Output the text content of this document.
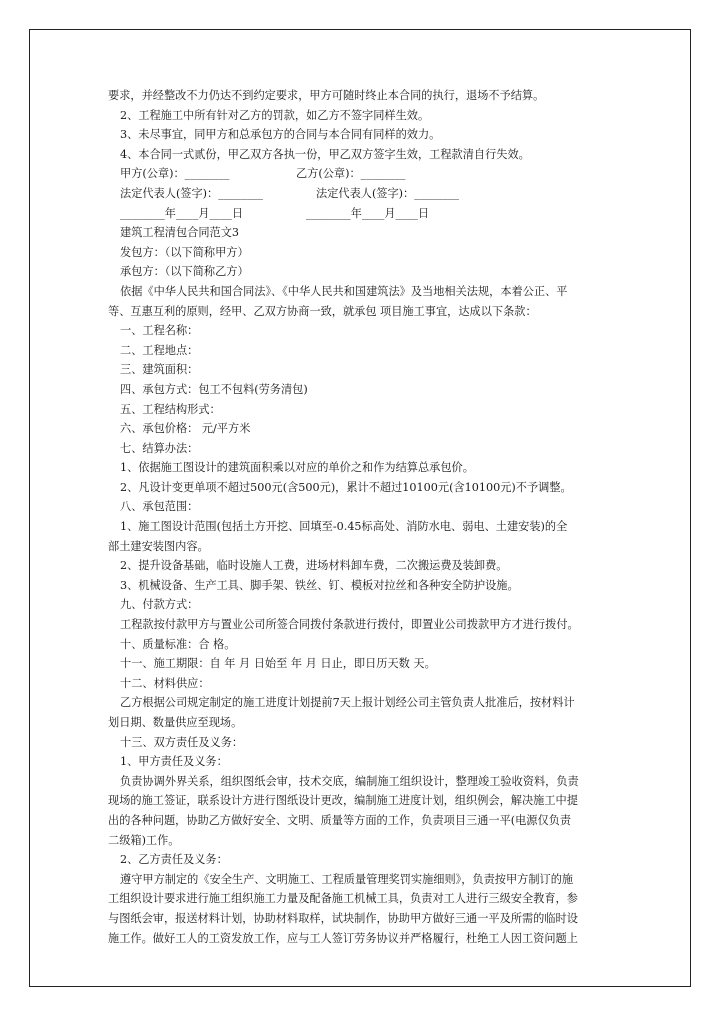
要求，并经整改不力仍达不到约定要求，甲方可随时终止本合同的执行，退场不予结算。
2、工程施工中所有针对乙方的罚款，如乙方不签字同样生效。
3、未尽事宜，同甲方和总承包方的合同与本合同有同样的效力。
4、本合同一式贰份，甲乙双方各执一份，甲乙双方签字生效，工程款清自行失效。
甲方(公章)：________	乙方(公章)：________
法定代表人(签字)：________	法定代表人(签字)：________
________年____月____日	________年____月____日
建筑工程清包合同范文3
发包方：（以下简称甲方）
承包方：（以下简称乙方）
依据《中华人民共和国合同法》、《中华人民共和国建筑法》及当地相关法规，本着公正、平
等、互惠互利的原则，经甲、乙双方协商一致，就承包 项目施工事宜，达成以下条款：
一、工程名称：
二、工程地点：
三、建筑面积：
四、承包方式：包工不包料(劳务清包)
五、工程结构形式：
六、承包价格： 元/平方米
七、结算办法：
1、依据施工图设计的建筑面积乘以对应的单价之和作为结算总承包价。
2、凡设计变更单项不超过500元(含500元)，累计不超过10100元(含10100元)不予调整。
八、承包范围：
1、施工图设计范围(包括土方开挖、回填至-0.45标高处、消防水电、弱电、土建安装)的全
部土建安装图内容。
2、提升设备基础，临时设施人工费，进场材料卸车费，二次搬运费及装卸费。
3、机械设备、生产工具、脚手架、铁丝、钉、模板对拉丝和各种安全防护设施。
九、付款方式：
工程款按付款甲方与置业公司所签合同拨付条款进行拨付，即置业公司拨款甲方才进行拨付。
十、质量标准：合 格。
十一、施工期限：自 年 月 日始至 年 月 日止，即日历天数 天。
十二、材料供应：
乙方根据公司规定制定的施工进度计划提前7天上报计划经公司主管负责人批准后，按材料计
划日期、数量供应至现场。
十三、双方责任及义务：
1、甲方责任及义务：
负责协调外界关系，组织图纸会审，技术交底，编制施工组织设计，整理竣工验收资料，负责
现场的施工签证，联系设计方进行图纸设计更改，编制施工进度计划，组织例会，解决施工中提
出的各种问题，协助乙方做好安全、文明、质量等方面的工作，负责项目三通一平(电源仅负责
二级箱)工作。
2、乙方责任及义务：
遵守甲方制定的《安全生产、文明施工、工程质量管理奖罚实施细则》，负责按甲方制订的施
工组织设计要求进行施工组织施工力量及配备施工机械工具，负责对工人进行三级安全教育，参
与图纸会审，报送材料计划，协助材料取样，试块制作，协助甲方做好三通一平及所需的临时设
施工作。做好工人的工资发放工作，应与工人签订劳务协议并严格履行，杜绝工人因工资问题上
